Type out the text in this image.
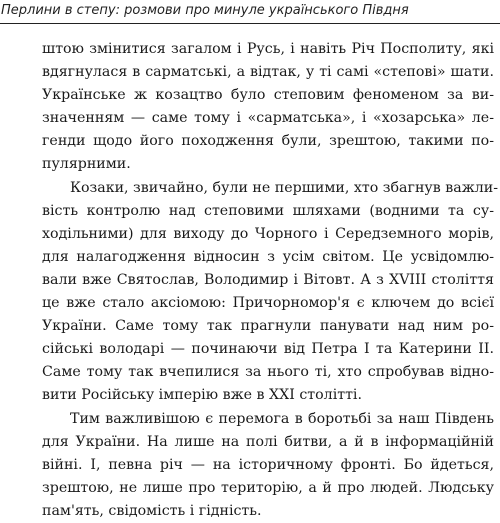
Перлини в степу: розмови про минуле українського Півдня
штою змінитися загалом і Русь, і навіть Річ Посполиту, які
вдягнулася в сарматські, а відтак, у ті самі «степові» шати.
Українське ж козацтво було степовим феноменом за ви-
значенням — саме тому і «сарматська», і «хозарська» ле-
генди щодо його походження були, зрештою, такими по-
пулярними.
Козаки, звичайно, були не першими, хто збагнув важли-
вість контролю над степовими шляхами (водними та су-
ходільними) для виходу до Чорного і Середземного морів,
для налагодження відносин з усім світом. Це усвідомлю-
вали вже Святослав, Володимир і Вітовт. А з XVIII століття
це вже стало аксіомою: Причорномор'я є ключем до всієї
України. Саме тому так прагнули панувати над ним ро-
сійські володарі — починаючи від Петра I та Катерини II.
Саме тому так вчепилися за нього ті, хто спробував відно-
вити Російську імперію вже в XXI столітті.
Тим важливішою є перемога в боротьбі за наш Південь
для України. На лише на полі битви, а й в інформаційній
війні. І, певна річ — на історичному фронті. Бо йдеться,
зрештою, не лише про територію, а й про людей. Людську
пам'ять, свідомість і гідність.
